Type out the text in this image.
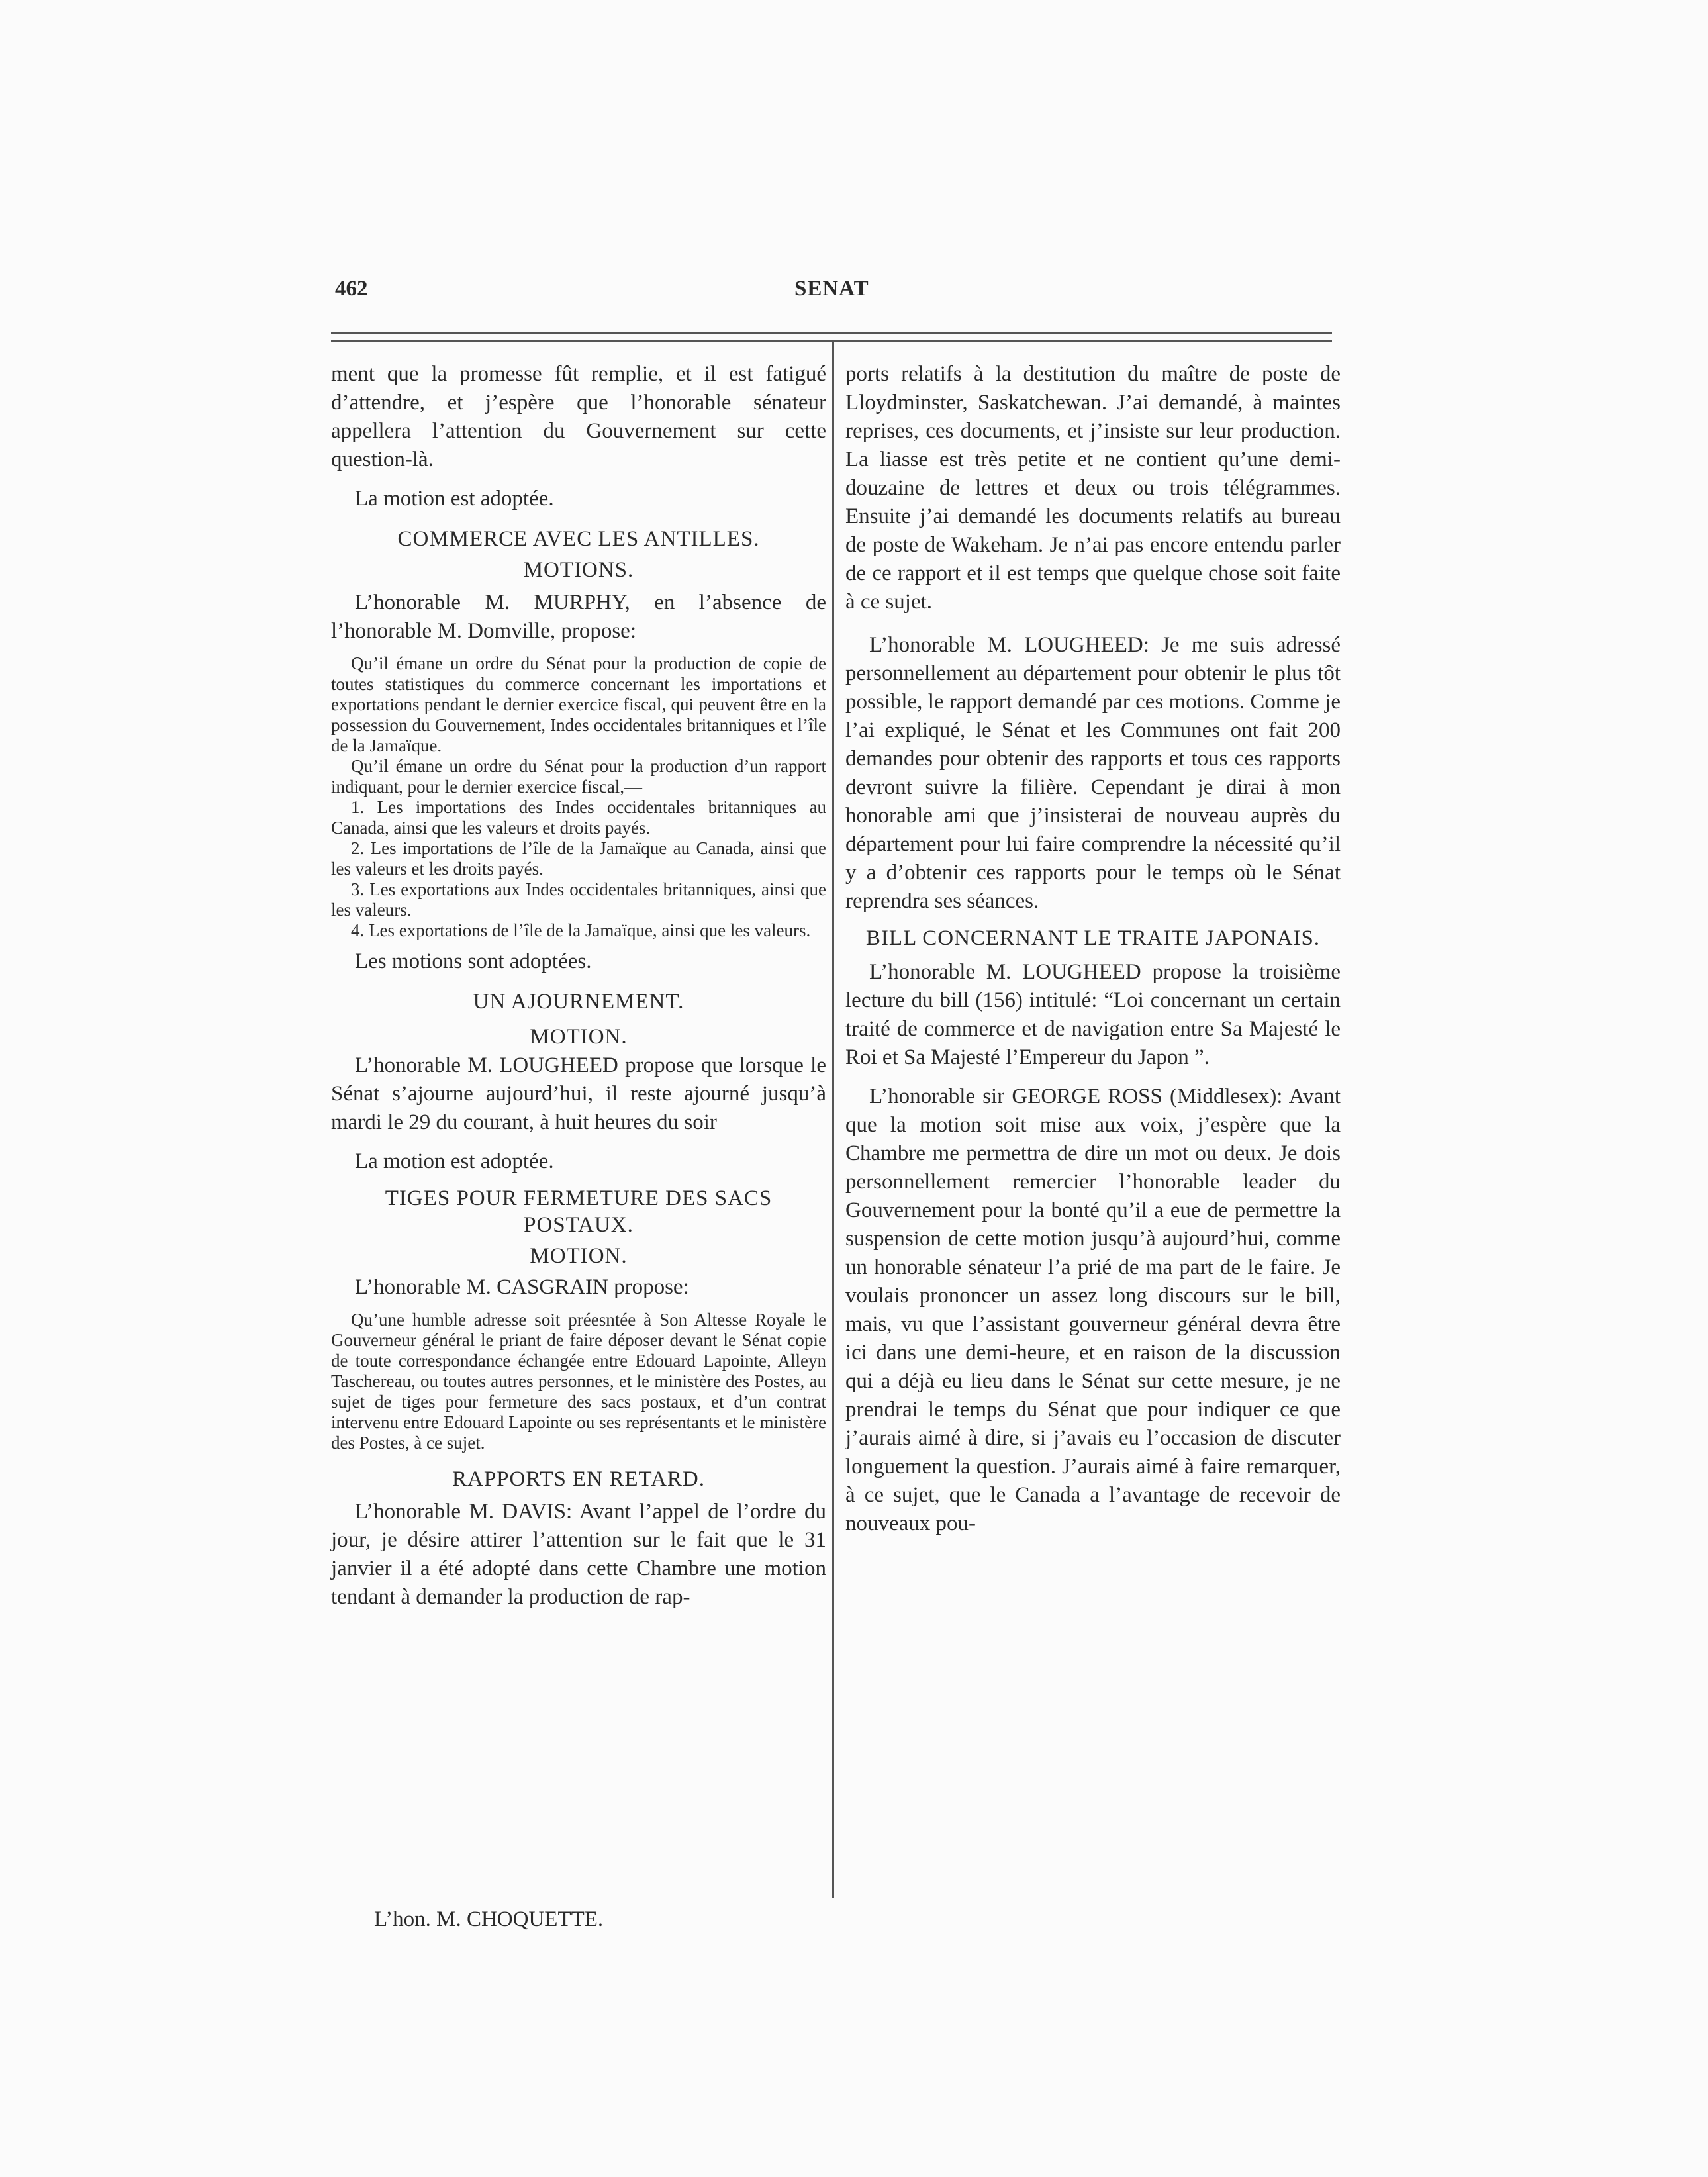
462	SENAT

ment que la promesse fût remplie, et il est fatigué d’attendre, et j’espère que l’honorable sénateur appellera l’attention du Gouvernement sur cette question-là.

La motion est adoptée.

COMMERCE AVEC LES ANTILLES.

MOTIONS.

L’honorable M. MURPHY, en l’absence de l’honorable M. Domville, propose:

Qu’il émane un ordre du Sénat pour la production de copie de toutes statistiques du commerce concernant les importations et exportations pendant le dernier exercice fiscal, qui peuvent être en la possession du Gouvernement, Indes occidentales britanniques et l’île de la Jamaïque.

Qu’il émane un ordre du Sénat pour la production d’un rapport indiquant, pour le dernier exercice fiscal,—

1. Les importations des Indes occidentales britanniques au Canada, ainsi que les valeurs et droits payés.

2. Les importations de l’île de la Jamaïque au Canada, ainsi que les valeurs et les droits payés.

3. Les exportations aux Indes occidentales britanniques, ainsi que les valeurs.

4. Les exportations de l’île de la Jamaïque, ainsi que les valeurs.

Les motions sont adoptées.

UN AJOURNEMENT.

MOTION.

L’honorable M. LOUGHEED propose que lorsque le Sénat s’ajourne aujourd’hui, il reste ajourné jusqu’à mardi le 29 du courant, à huit heures du soir

La motion est adoptée.

TIGES POUR FERMETURE DES SACS POSTAUX.

MOTION.

L’honorable M. CASGRAIN propose:

Qu’une humble adresse soit préesntée à Son Altesse Royale le Gouverneur général le priant de faire déposer devant le Sénat copie de toute correspondance échangée entre Edouard Lapointe, Alleyn Taschereau, ou toutes autres personnes, et le ministère des Postes, au sujet de tiges pour fermeture des sacs postaux, et d’un contrat intervenu entre Edouard Lapointe ou ses représentants et le ministère des Postes, à ce sujet.

RAPPORTS EN RETARD.

L’honorable M. DAVIS: Avant l’appel de l’ordre du jour, je désire attirer l’attention sur le fait que le 31 janvier il a été adopté dans cette Chambre une motion tendant à demander la production de rap-

ports relatifs à la destitution du maître de poste de Lloydminster, Saskatchewan. J’ai demandé, à maintes reprises, ces documents, et j’insiste sur leur production. La liasse est très petite et ne contient qu’une demi-douzaine de lettres et deux ou trois télégrammes. Ensuite j’ai demandé les documents relatifs au bureau de poste de Wakeham. Je n’ai pas encore entendu parler de ce rapport et il est temps que quelque chose soit faite à ce sujet.

L’honorable M. LOUGHEED: Je me suis adressé personnellement au département pour obtenir le plus tôt possible, le rapport demandé par ces motions. Comme je l’ai expliqué, le Sénat et les Communes ont fait 200 demandes pour obtenir des rapports et tous ces rapports devront suivre la filière. Cependant je dirai à mon honorable ami que j’insisterai de nouveau auprès du département pour lui faire comprendre la nécessité qu’il y a d’obtenir ces rapports pour le temps où le Sénat reprendra ses séances.

BILL CONCERNANT LE TRAITE JAPONAIS.

L’honorable M. LOUGHEED propose la troisième lecture du bill (156) intitulé: “Loi concernant un certain traité de commerce et de navigation entre Sa Majesté le Roi et Sa Majesté l’Empereur du Japon ”.

L’honorable sir GEORGE ROSS (Middlesex): Avant que la motion soit mise aux voix, j’espère que la Chambre me permettra de dire un mot ou deux. Je dois personnellement remercier l’honorable leader du Gouvernement pour la bonté qu’il a eue de permettre la suspension de cette motion jusqu’à aujourd’hui, comme un honorable sénateur l’a prié de ma part de le faire. Je voulais prononcer un assez long discours sur le bill, mais, vu que l’assistant gouverneur général devra être ici dans une demi-heure, et en raison de la discussion qui a déjà eu lieu dans le Sénat sur cette mesure, je ne prendrai le temps du Sénat que pour indiquer ce que j’aurais aimé à dire, si j’avais eu l’occasion de discuter longuement la question. J’aurais aimé à faire remarquer, à ce sujet, que le Canada a l’avantage de recevoir de nouveaux pou-

L’hon. M. CHOQUETTE.
